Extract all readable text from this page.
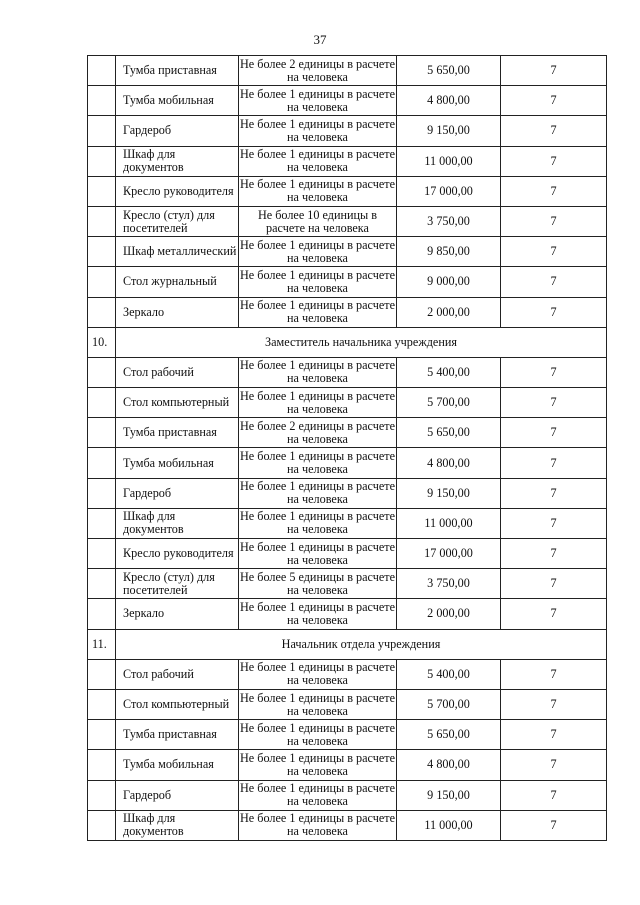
37
	Тумба приставная	Не более 2 единицы в расчете на человека	5 650,00	7
	Тумба мобильная	Не более 1 единицы в расчете на человека	4 800,00	7
	Гардероб	Не более 1 единицы в расчете на человека	9 150,00	7
	Шкаф для документов	Не более 1 единицы в расчете на человека	11 000,00	7
	Кресло руководителя	Не более 1 единицы в расчете на человека	17 000,00	7
	Кресло (стул) для посетителей	Не более 10 единицы в расчете на человека	3 750,00	7
	Шкаф металлический	Не более 1 единицы в расчете на человека	9 850,00	7
	Стол журнальный	Не более 1 единицы в расчете на человека	9 000,00	7
	Зеркало	Не более 1 единицы в расчете на человека	2 000,00	7
10.	Заместитель начальника учреждения			
	Стол рабочий	Не более 1 единицы в расчете на человека	5 400,00	7
	Стол компьютерный	Не более 1 единицы в расчете на человека	5 700,00	7
	Тумба приставная	Не более 2 единицы в расчете на человека	5 650,00	7
	Тумба мобильная	Не более 1 единицы в расчете на человека	4 800,00	7
	Гардероб	Не более 1 единицы в расчете на человека	9 150,00	7
	Шкаф для документов	Не более 1 единицы в расчете на человека	11 000,00	7
	Кресло руководителя	Не более 1 единицы в расчете на человека	17 000,00	7
	Кресло (стул) для посетителей	Не более 5 единицы в расчете на человека	3 750,00	7
	Зеркало	Не более 1 единицы в расчете на человека	2 000,00	7
11.	Начальник отдела учреждения			
	Стол рабочий	Не более 1 единицы в расчете на человека	5 400,00	7
	Стол компьютерный	Не более 1 единицы в расчете на человека	5 700,00	7
	Тумба приставная	Не более 1 единицы в расчете на человека	5 650,00	7
	Тумба мобильная	Не более 1 единицы в расчете на человека	4 800,00	7
	Гардероб	Не более 1 единицы в расчете на человека	9 150,00	7
	Шкаф для документов	Не более 1 единицы в расчете на человека	11 000,00	7
